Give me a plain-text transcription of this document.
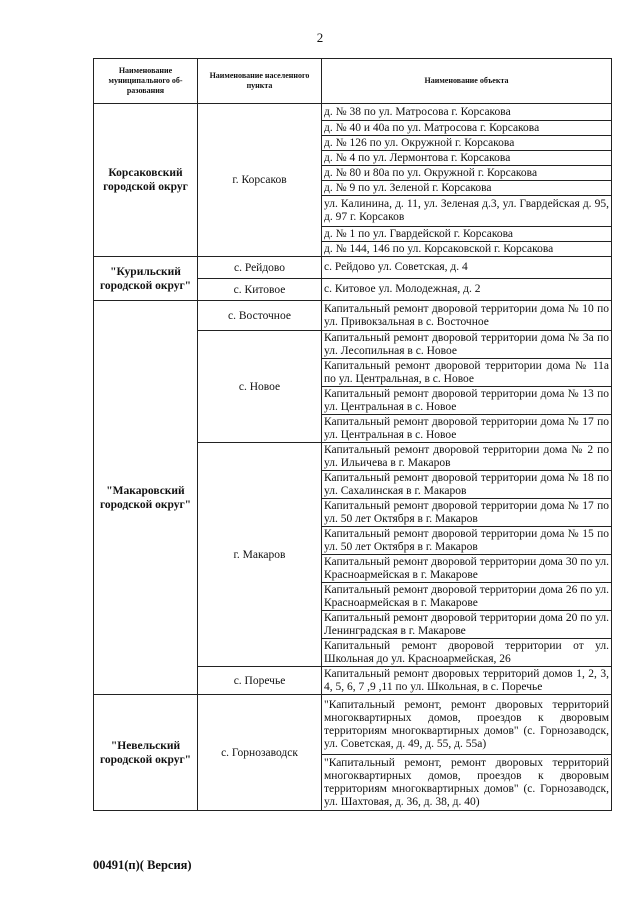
2
Наименование муниципального об-разования	Наименование населенного пункта	Наименование объекта
Корсаковский городской округ	г. Корсаков	д. № 38 по ул. Матросова г. Корсакова
		д. № 40 и 40а по ул. Матросова г. Корсакова
		д. № 126 по ул. Окружной г. Корсакова
		д. № 4 по ул. Лермонтова г. Корсакова
		д. № 80 и 80а по ул. Окружной г. Корсакова
		д. № 9 по ул. Зеленой г. Корсакова
		ул. Калинина, д. 11, ул. Зеленая д.3, ул. Гвардейская д. 95, д. 97 г. Корсаков
		д. № 1 по ул. Гвардейской г. Корсакова
		д. № 144, 146 по ул. Корсаковской г. Корсакова
"Курильский городской округ"	с. Рейдово	с. Рейдово ул. Советская, д. 4
	с. Китовое	с. Китовое ул. Молодежная, д. 2
"Макаровский городской округ"	с. Восточное	Капитальный ремонт дворовой территории дома № 10 по ул. Привокзальная в с. Восточное
	с. Новое	Капитальный ремонт дворовой территории дома № 3а по ул. Лесопильная в с. Новое
		Капитальный ремонт дворовой территории дома № 11а по ул. Центральная, в с. Новое
		Капитальный ремонт дворовой территории дома № 13 по ул. Центральная в с. Новое
		Капитальный ремонт дворовой территории дома № 17 по ул. Центральная в с. Новое
	г. Макаров	Капитальный ремонт дворовой территории дома № 2 по ул. Ильичева в г. Макаров
		Капитальный ремонт дворовой территории дома № 18 по ул. Сахалинская в г. Макаров
		Капитальный ремонт дворовой территории дома № 17 по ул. 50 лет Октября в г. Макаров
		Капитальный ремонт дворовой территории дома № 15 по ул. 50 лет Октября в г. Макаров
		Капитальный ремонт дворовой территории дома 30 по ул. Красноармейская в г. Макарове
		Капитальный ремонт дворовой территории дома 26 по ул. Красноармейская в г. Макарове
		Капитальный ремонт дворовой территории дома 20 по ул. Ленинградская в г. Макарове
		Капитальный ремонт дворовой территории от ул. Школьная до ул. Красноармейская, 26
	с. Поречье	Капитальный ремонт дворовых территорий домов 1, 2, 3, 4, 5, 6, 7 ,9 ,11 по ул. Школьная, в с. Поречье
"Невельский городской округ"	с. Горнозаводск	"Капитальный ремонт, ремонт дворовых территорий многоквартирных домов, проездов к дворовым территориям многоквартирных домов" (с. Горнозаводск, ул. Советская, д. 49, д. 55, д. 55а)
		"Капитальный ремонт, ремонт дворовых территорий многоквартирных домов, проездов к дворовым территориям многоквартирных домов" (с. Горнозаводск, ул. Шахтовая, д. 36, д. 38, д. 40)
00491(п)( Версия)
